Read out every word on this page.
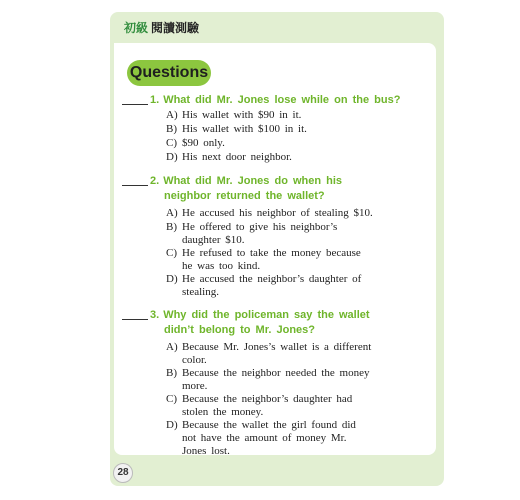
初級 閱讀測驗
Questions
1. What did Mr. Jones lose while on the bus?
A) His wallet with $90 in it.
B) His wallet with $100 in it.
C) $90 only.
D) His next door neighbor.
2. What did Mr. Jones do when his
neighbor returned the wallet?
A) He accused his neighbor of stealing $10.
B) He offered to give his neighbor’s
daughter $10.
C) He refused to take the money because
he was too kind.
D) He accused the neighbor’s daughter of
stealing.
3. Why did the policeman say the wallet
didn’t belong to Mr. Jones?
A) Because Mr. Jones’s wallet is a different
color.
B) Because the neighbor needed the money
more.
C) Because the neighbor’s daughter had
stolen the money.
D) Because the wallet the girl found did
not have the amount of money Mr.
Jones lost.
28
